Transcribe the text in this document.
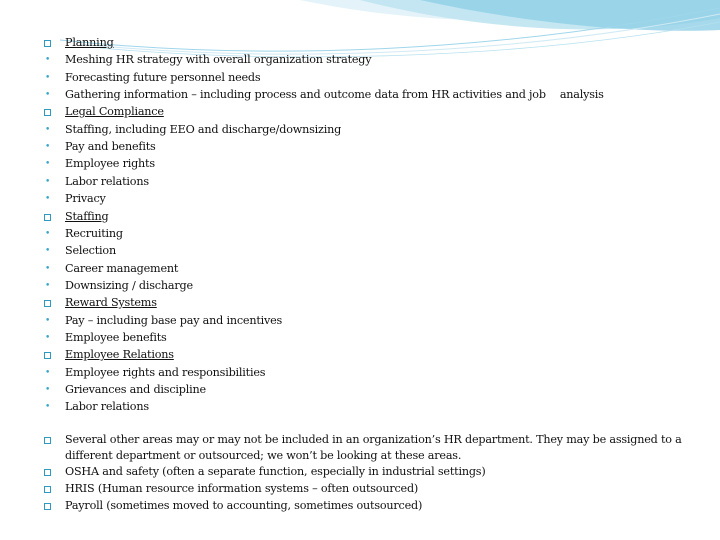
Planning
•	Meshing HR strategy with overall organization strategy
•	Forecasting future personnel needs
•	Gathering information – including process and outcome data from HR activities and job analysis
Legal Compliance
•	Staffing, including EEO and discharge/downsizing
•	Pay and benefits
•	Employee rights
•	Labor relations
•	Privacy
Staffing
•	Recruiting
•	Selection
•	Career management
•	Downsizing / discharge
Reward Systems
•	Pay – including base pay and incentives
•	Employee benefits
Employee Relations
•	Employee rights and responsibilities
•	Grievances and discipline
•	Labor relations
Several other areas may or may not be included in an organization’s HR department. They may be assigned to a
different department or outsourced; we won’t be looking at these areas.
OSHA and safety (often a separate function, especially in industrial settings)
HRIS (Human resource information systems – often outsourced)
Payroll (sometimes moved to accounting, sometimes outsourced)
